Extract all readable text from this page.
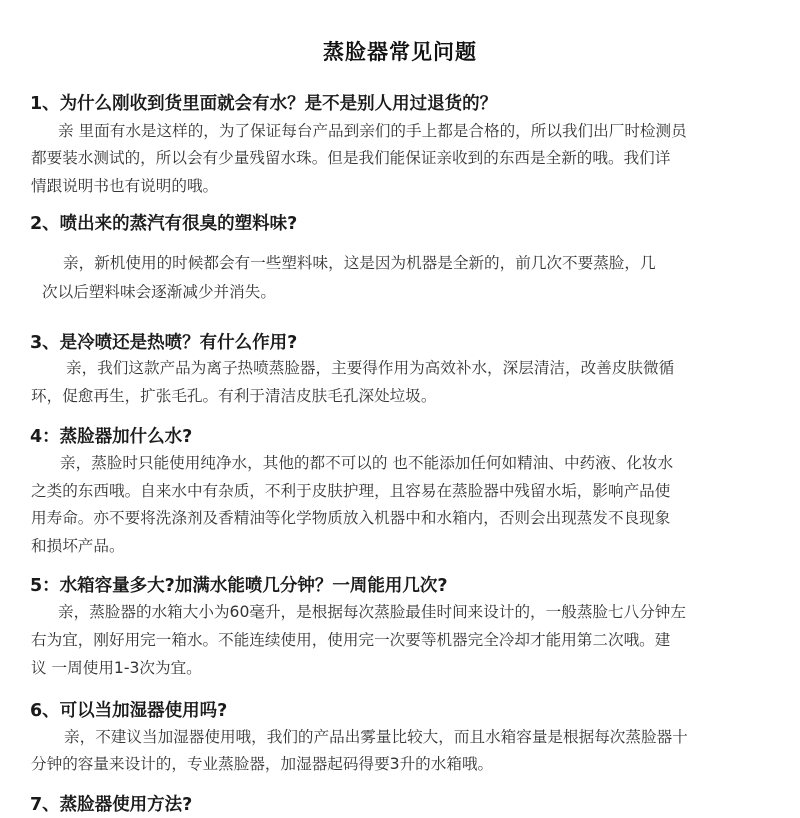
蒸脸器常见问题
1、为什么刚收到货里面就会有水？是不是别人用过退货的？
亲 里面有水是这样的，为了保证每台产品到亲们的手上都是合格的，所以我们出厂时检测员
都要装水测试的，所以会有少量残留水珠。但是我们能保证亲收到的东西是全新的哦。我们详
情跟说明书也有说明的哦。
2、喷出来的蒸汽有很臭的塑料味?
亲，新机使用的时候都会有一些塑料味，这是因为机器是全新的，前几次不要蒸脸，几
次以后塑料味会逐渐减少并消失。
3、是冷喷还是热喷？有什么作用?
亲，我们这款产品为离子热喷蒸脸器，主要得作用为高效补水，深层清洁，改善皮肤微循
环，促愈再生，扩张毛孔。有利于清洁皮肤毛孔深处垃圾。
4：蒸脸器加什么水?
亲，蒸脸时只能使用纯净水，其他的都不可以的 也不能添加任何如精油、中药液、化妆水
之类的东西哦。自来水中有杂质，不利于皮肤护理，且容易在蒸脸器中残留水垢，影响产品使
用寿命。亦不要将洗涤剂及香精油等化学物质放入机器中和水箱内，否则会出现蒸发不良现象
和损坏产品。
5：水箱容量多大?加满水能喷几分钟？一周能用几次?
亲，蒸脸器的水箱大小为60毫升，是根据每次蒸脸最佳时间来设计的，一般蒸脸七八分钟左
右为宜，刚好用完一箱水。不能连续使用，使用完一次要等机器完全冷却才能用第二次哦。建
议 一周使用1-3次为宜。
6、可以当加湿器使用吗?
亲，不建议当加湿器使用哦，我们的产品出雾量比较大，而且水箱容量是根据每次蒸脸器十
分钟的容量来设计的，专业蒸脸器，加湿器起码得要3升的水箱哦。
7、蒸脸器使用方法?
